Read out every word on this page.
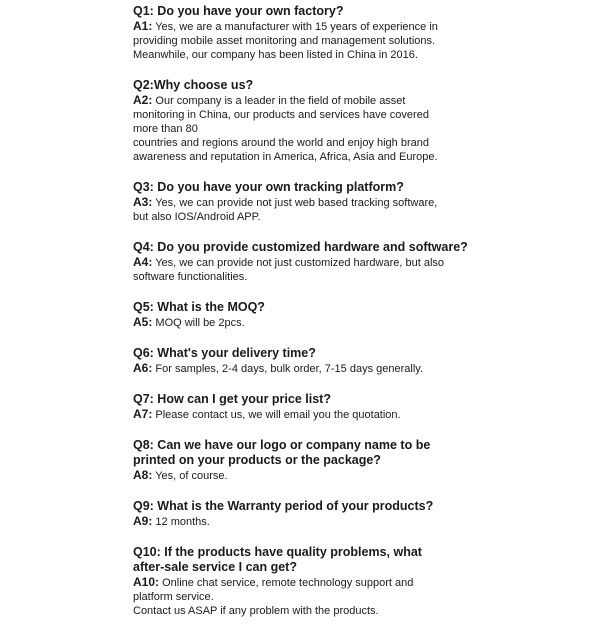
Q1: Do you have your own factory?

A1: Yes, we are a manufacturer with 15 years of experience in
providing mobile asset monitoring and management solutions.
Meanwhile, our company has been listed in China in 2016.

Q2:Why choose us?

A2: Our company is a leader in the field of mobile asset
monitoring in China, our products and services have covered
more than 80
countries and regions around the world and enjoy high brand
awareness and reputation in America, Africa, Asia and Europe.

Q3: Do you have your own tracking platform?

A3: Yes, we can provide not just web based tracking software,
but also IOS/Android APP.

Q4: Do you provide customized hardware and software?

A4: Yes, we can provide not just customized hardware, but also
software functionalities.

Q5: What is the MOQ?

A5: MOQ will be 2pcs.

Q6: What's your delivery time?

A6: For samples, 2-4 days, bulk order, 7-15 days generally.

Q7: How can I get your price list?

A7: Please contact us, we will email you the quotation.

Q8: Can we have our logo or company name to be
printed on your products or the package?

A8: Yes, of course.

Q9: What is the Warranty period of your products?

A9: 12 months.

Q10: If the products have quality problems, what
after-sale service I can get?

A10: Online chat service, remote technology support and
platform service.
Contact us ASAP if any problem with the products.
